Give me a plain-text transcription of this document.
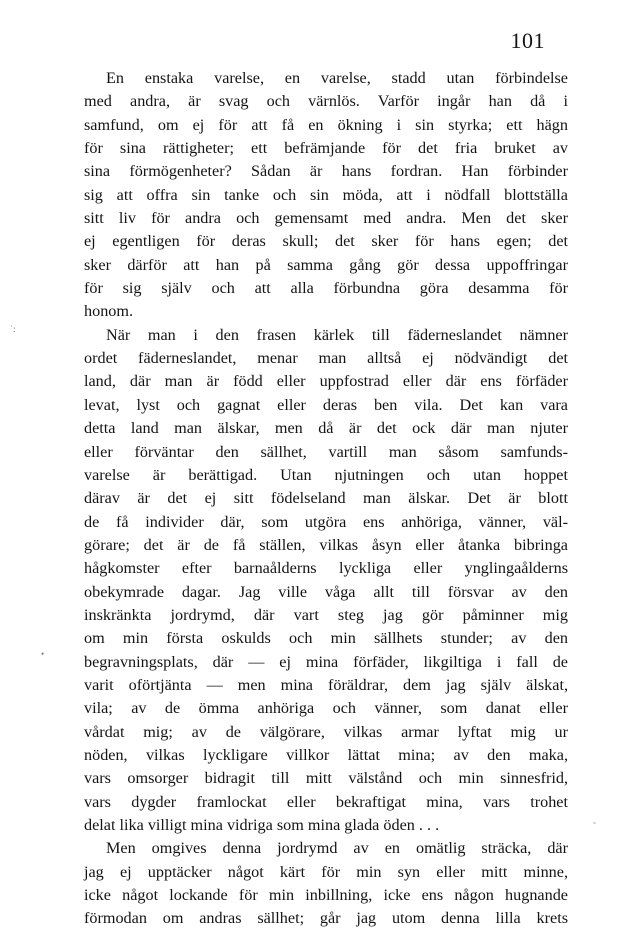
101
En enstaka varelse, en varelse, stadd utan förbindelse
med andra, är svag och värnlös. Varför ingår han då i
samfund, om ej för att få en ökning i sin styrka; ett hägn
för sina rättigheter; ett befrämjande för det fria bruket av
sina förmögenheter? Sådan är hans fordran. Han förbinder
sig att offra sin tanke och sin möda, att i nödfall blottställa
sitt liv för andra och gemensamt med andra. Men det sker
ej egentligen för deras skull; det sker för hans egen; det
sker därför att han på samma gång gör dessa uppoffringar
för sig själv och att alla förbundna göra desamma för
honom.
När man i den frasen kärlek till fäderneslandet nämner
ordet fäderneslandet, menar man alltså ej nödvändigt det
land, där man är född eller uppfostrad eller där ens förfäder
levat, lyst och gagnat eller deras ben vila. Det kan vara
detta land man älskar, men då är det ock där man njuter
eller förväntar den sällhet, vartill man såsom samfunds-
varelse är berättigad. Utan njutningen och utan hoppet
därav är det ej sitt födelseland man älskar. Det är blott
de få individer där, som utgöra ens anhöriga, vänner, väl-
görare; det är de få ställen, vilkas åsyn eller åtanka bibringa
hågkomster efter barnaålderns lyckliga eller ynglingaålderns
obekymrade dagar. Jag ville våga allt till försvar av den
inskränkta jordrymd, där vart steg jag gör påminner mig
om min första oskulds och min sällhets stunder; av den
begravningsplats, där — ej mina förfäder, likgiltiga i fall de
varit oförtjänta — men mina föräldrar, dem jag själv älskat,
vila; av de ömma anhöriga och vänner, som danat eller
vårdat mig; av de välgörare, vilkas armar lyftat mig ur
nöden, vilkas lyckligare villkor lättat mina; av den maka,
vars omsorger bidragit till mitt välstånd och min sinnesfrid,
vars dygder framlockat eller bekraftigat mina, vars trohet
delat lika villigt mina vidriga som mina glada öden . . .
Men omgives denna jordrymd av en omätlig sträcka, där
jag ej upptäcker något kärt för min syn eller mitt minne,
icke något lockande för min inbillning, icke ens någon hugnande
förmodan om andras sällhet; går jag utom denna lilla krets
˙:
•
˚
